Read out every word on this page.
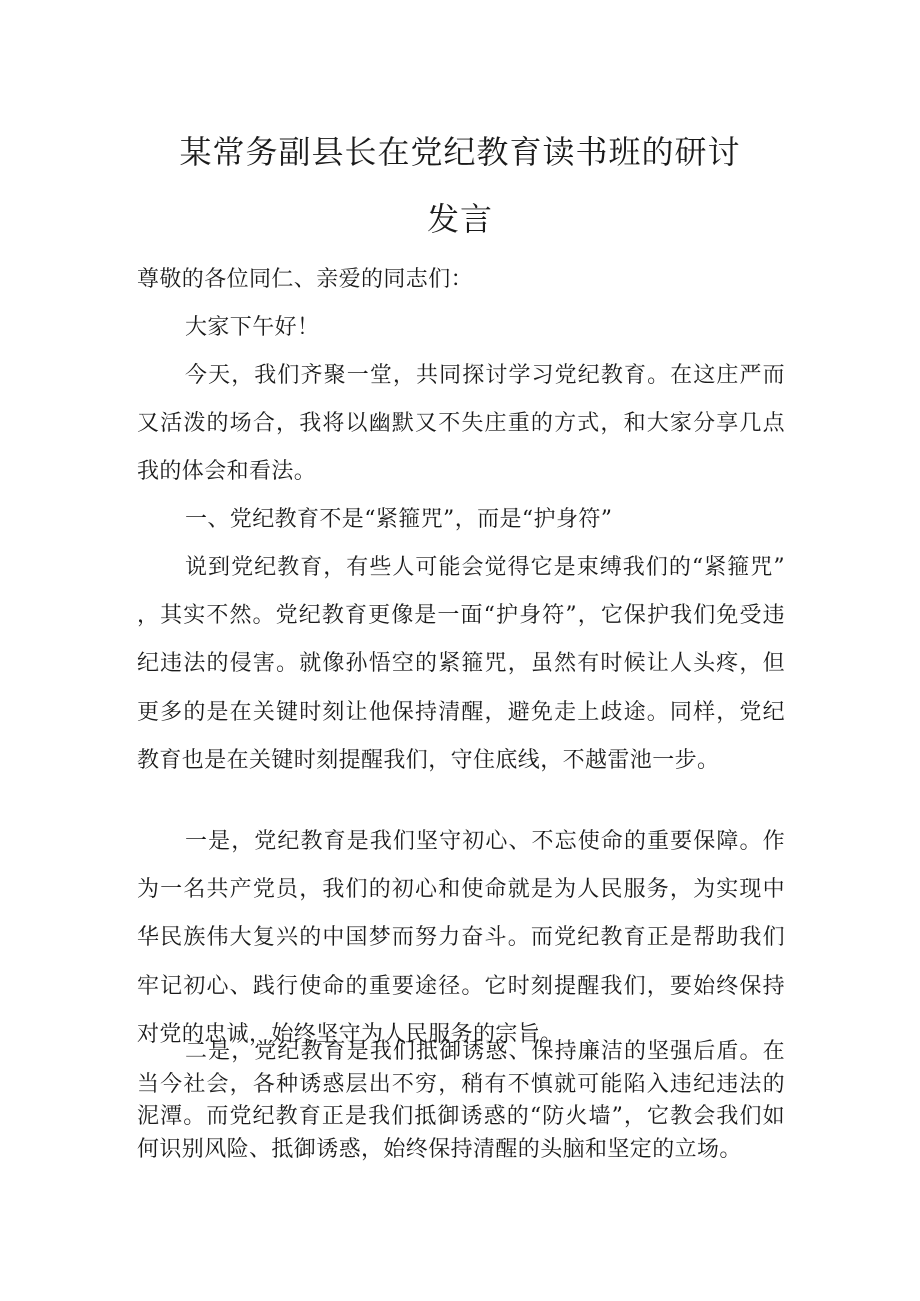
某常务副县长在党纪教育读书班的研讨
发言

尊敬的各位同仁、亲爱的同志们：

大家下午好！

今天，我们齐聚一堂，共同探讨学习党纪教育。在这庄严而又活泼的场合，我将以幽默又不失庄重的方式，和大家分享几点我的体会和看法。

一、党纪教育不是“紧箍咒”，而是“护身符”

说到党纪教育，有些人可能会觉得它是束缚我们的“紧箍咒”，其实不然。党纪教育更像是一面“护身符”，它保护我们免受违纪违法的侵害。就像孙悟空的紧箍咒，虽然有时候让人头疼，但更多的是在关键时刻让他保持清醒，避免走上歧途。同样，党纪教育也是在关键时刻提醒我们，守住底线，不越雷池一步。

一是，党纪教育是我们坚守初心、不忘使命的重要保障。作为一名共产党员，我们的初心和使命就是为人民服务，为实现中华民族伟大复兴的中国梦而努力奋斗。而党纪教育正是帮助我们牢记初心、践行使命的重要途径。它时刻提醒我们，要始终保持对党的忠诚，始终坚守为人民服务的宗旨。

二是，党纪教育是我们抵御诱惑、保持廉洁的坚强后盾。在当今社会，各种诱惑层出不穷，稍有不慎就可能陷入违纪违法的泥潭。而党纪教育正是我们抵御诱惑的“防火墙”，它教会我们如何识别风险、抵御诱惑，始终保持清醒的头脑和坚定的立场。
